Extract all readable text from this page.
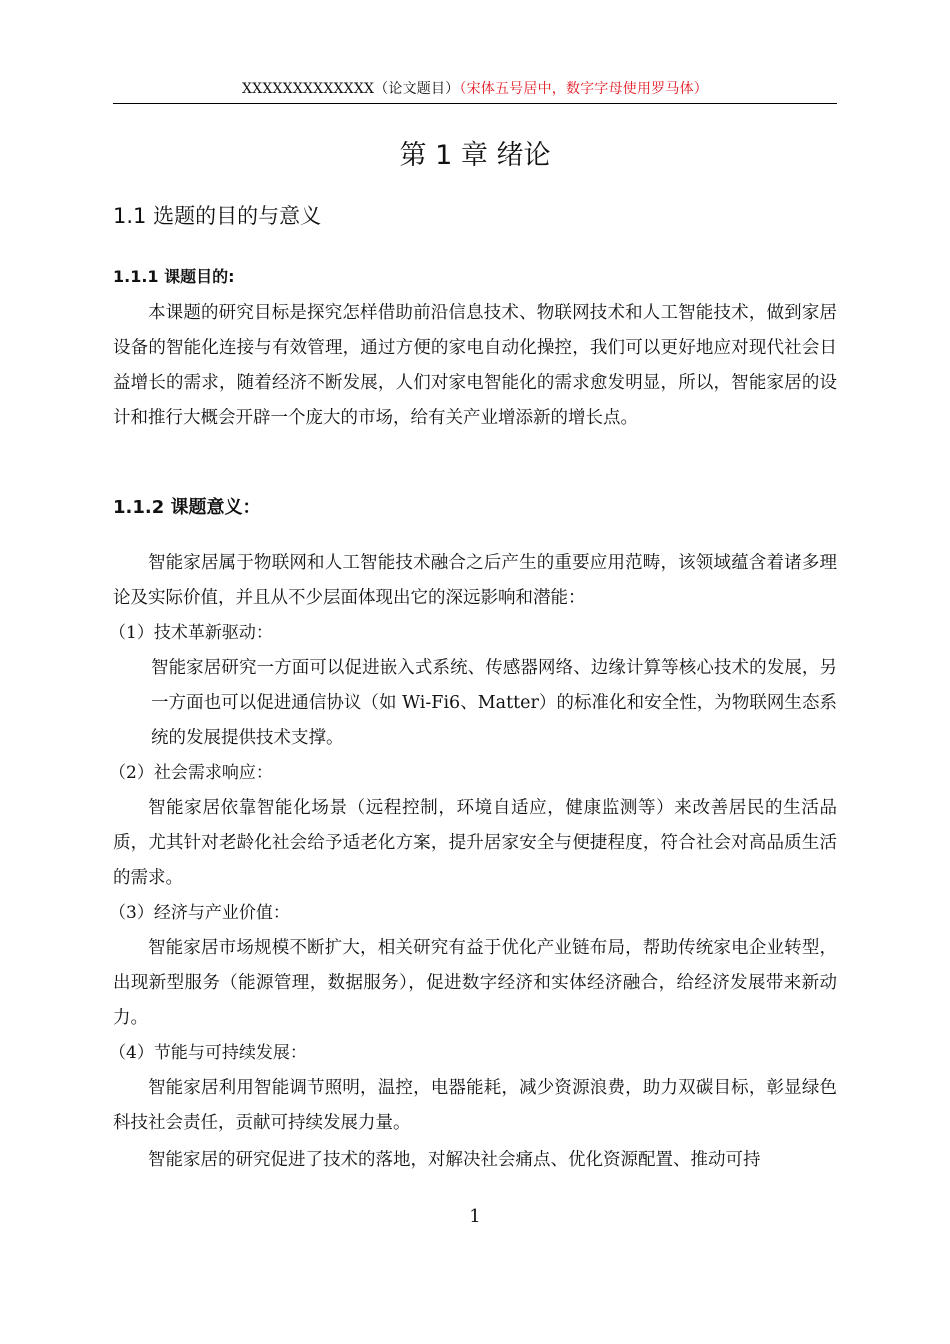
XXXXXXXXXXXXX（论文题目）（宋体五号居中，数字字母使用罗马体）
第 1 章 绪论
1.1 选题的目的与意义
1.1.1 课题目的:

本课题的研究目标是探究怎样借助前沿信息技术、物联网技术和人工智能技术，做到家居设备的智能化连接与有效管理，通过方便的家电自动化操控，我们可以更好地应对现代社会日益增长的需求，随着经济不断发展，人们对家电智能化的需求愈发明显，所以，智能家居的设计和推行大概会开辟一个庞大的市场，给有关产业增添新的增长点。

1.1.2 课题意义：

智能家居属于物联网和人工智能技术融合之后产生的重要应用范畴，该领域蕴含着诸多理论及实际价值，并且从不少层面体现出它的深远影响和潜能：

（1）技术革新驱动：

智能家居研究一方面可以促进嵌入式系统、传感器网络、边缘计算等核心技术的发展，另一方面也可以促进通信协议（如 Wi-Fi6、Matter）的标准化和安全性，为物联网生态系统的发展提供技术支撑。

（2）社会需求响应：

智能家居依靠智能化场景（远程控制，环境自适应，健康监测等）来改善居民的生活品质，尤其针对老龄化社会给予适老化方案，提升居家安全与便捷程度，符合社会对高品质生活的需求。

（3）经济与产业价值：

智能家居市场规模不断扩大，相关研究有益于优化产业链布局，帮助传统家电企业转型，出现新型服务（能源管理，数据服务），促进数字经济和实体经济融合，给经济发展带来新动力。

（4）节能与可持续发展：

智能家居利用智能调节照明，温控，电器能耗，减少资源浪费，助力双碳目标，彰显绿色科技社会责任，贡献可持续发展力量。

智能家居的研究促进了技术的落地，对解决社会痛点、优化资源配置、推动可持

1
